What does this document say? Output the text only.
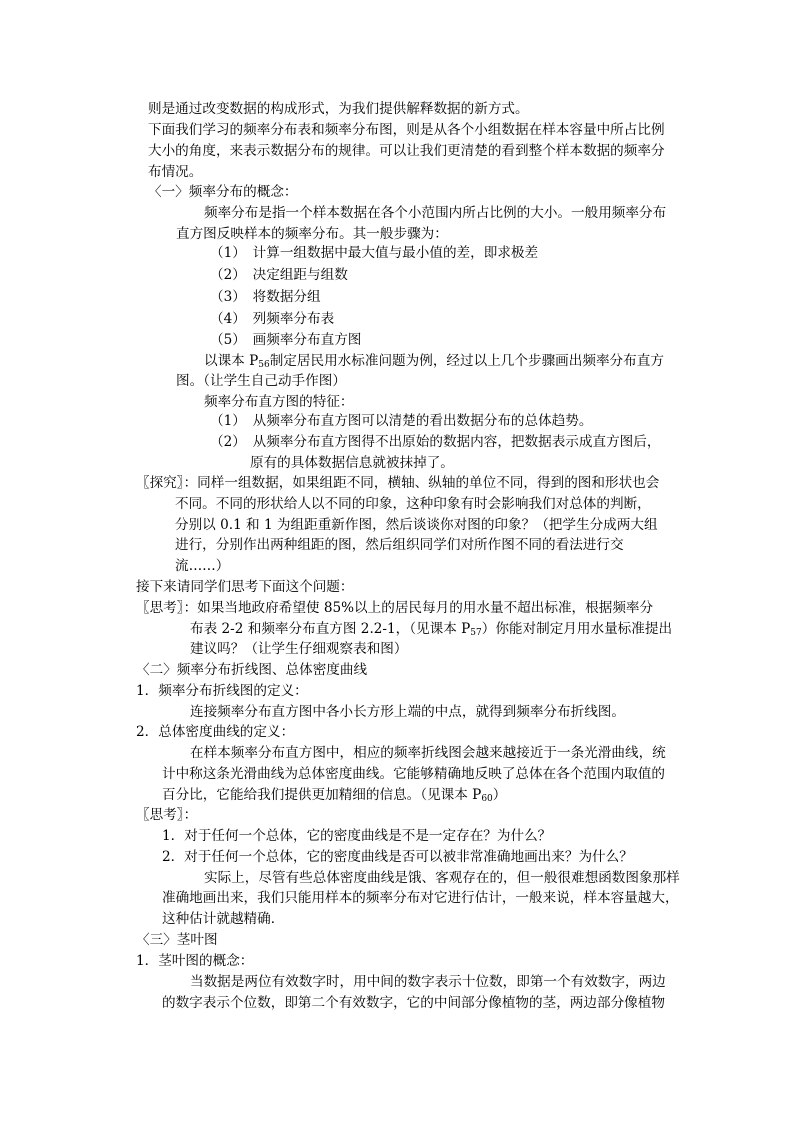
则是通过改变数据的构成形式，为我们提供解释数据的新方式。
下面我们学习的频率分布表和频率分布图，则是从各个小组数据在样本容量中所占比例
大小的角度，来表示数据分布的规律。可以让我们更清楚的看到整个样本数据的频率分
布情况。
〈一〉频率分布的概念：
频率分布是指一个样本数据在各个小范围内所占比例的大小。一般用频率分布
直方图反映样本的频率分布。其一般步骤为：
（1）　计算一组数据中最大值与最小值的差，即求极差
（2）　决定组距与组数
（3）　将数据分组
（4）　列频率分布表
（5）　画频率分布直方图
以课本 $P_{56}$制定居民用水标准问题为例，经过以上几个步骤画出频率分布直方
图。（让学生自己动手作图）
频率分布直方图的特征：
（1）　从频率分布直方图可以清楚的看出数据分布的总体趋势。
（2）　从频率分布直方图得不出原始的数据内容，把数据表示成直方图后，
原有的具体数据信息就被抹掉了。
〖探究〗：同样一组数据，如果组距不同，横轴、纵轴的单位不同，得到的图和形状也会
不同。不同的形状给人以不同的印象，这种印象有时会影响我们对总体的判断，
分别以 0.1 和 1 为组距重新作图，然后谈谈你对图的印象？（把学生分成两大组
进行，分别作出两种组距的图，然后组织同学们对所作图不同的看法进行交
流……）
接下来请同学们思考下面这个问题：
〖思考〗：如果当地政府希望使 85%以上的居民每月的用水量不超出标准，根据频率分
布表 2-2 和频率分布直方图 2.2-1，（见课本 $P_{57}$）你能对制定月用水量标准提出
建议吗？（让学生仔细观察表和图）
〈二〉频率分布折线图、总体密度曲线
1．频率分布折线图的定义：
连接频率分布直方图中各小长方形上端的中点，就得到频率分布折线图。
2．总体密度曲线的定义：
在样本频率分布直方图中，相应的频率折线图会越来越接近于一条光滑曲线，统
计中称这条光滑曲线为总体密度曲线。它能够精确地反映了总体在各个范围内取值的
百分比，它能给我们提供更加精细的信息。（见课本 $P_{60}$）
〖思考〗：
1．对于任何一个总体，它的密度曲线是不是一定存在？为什么？
2．对于任何一个总体，它的密度曲线是否可以被非常准确地画出来？为什么？
实际上，尽管有些总体密度曲线是饿、客观存在的，但一般很难想函数图象那样
准确地画出来，我们只能用样本的频率分布对它进行估计，一般来说，样本容量越大，
这种估计就越精确．
〈三〉茎叶图
1．茎叶图的概念：
当数据是两位有效数字时，用中间的数字表示十位数，即第一个有效数字，两边
的数字表示个位数，即第二个有效数字，它的中间部分像植物的茎，两边部分像植物
